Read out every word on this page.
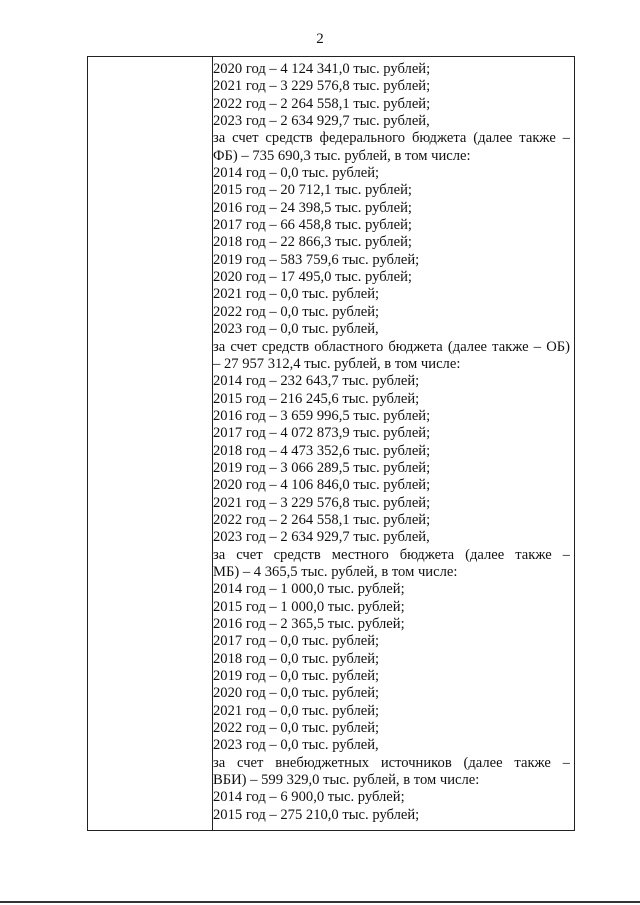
2
2020 год – 4 124 341,0 тыс. рублей;
2021 год – 3 229 576,8 тыс. рублей;
2022 год – 2 264 558,1 тыс. рублей;
2023 год – 2 634 929,7 тыс. рублей,
за счет средств федерального бюджета (далее также –
ФБ) – 735 690,3 тыс. рублей, в том числе:
2014 год – 0,0 тыс. рублей;
2015 год – 20 712,1 тыс. рублей;
2016 год – 24 398,5 тыс. рублей;
2017 год – 66 458,8 тыс. рублей;
2018 год – 22 866,3 тыс. рублей;
2019 год – 583 759,6 тыс. рублей;
2020 год – 17 495,0 тыс. рублей;
2021 год – 0,0 тыс. рублей;
2022 год – 0,0 тыс. рублей;
2023 год – 0,0 тыс. рублей,
за счет средств областного бюджета (далее также – ОБ)
– 27 957 312,4 тыс. рублей, в том числе:
2014 год – 232 643,7 тыс. рублей;
2015 год – 216 245,6 тыс. рублей;
2016 год – 3 659 996,5 тыс. рублей;
2017 год – 4 072 873,9 тыс. рублей;
2018 год – 4 473 352,6 тыс. рублей;
2019 год – 3 066 289,5 тыс. рублей;
2020 год – 4 106 846,0 тыс. рублей;
2021 год – 3 229 576,8 тыс. рублей;
2022 год – 2 264 558,1 тыс. рублей;
2023 год – 2 634 929,7 тыс. рублей,
за счет средств местного бюджета (далее также –
МБ) – 4 365,5 тыс. рублей, в том числе:
2014 год – 1 000,0 тыс. рублей;
2015 год – 1 000,0 тыс. рублей;
2016 год – 2 365,5 тыс. рублей;
2017 год – 0,0 тыс. рублей;
2018 год – 0,0 тыс. рублей;
2019 год – 0,0 тыс. рублей;
2020 год – 0,0 тыс. рублей;
2021 год – 0,0 тыс. рублей;
2022 год – 0,0 тыс. рублей;
2023 год – 0,0 тыс. рублей,
за счет внебюджетных источников (далее также –
ВБИ) – 599 329,0 тыс. рублей, в том числе:
2014 год – 6 900,0 тыс. рублей;
2015 год – 275 210,0 тыс. рублей;
